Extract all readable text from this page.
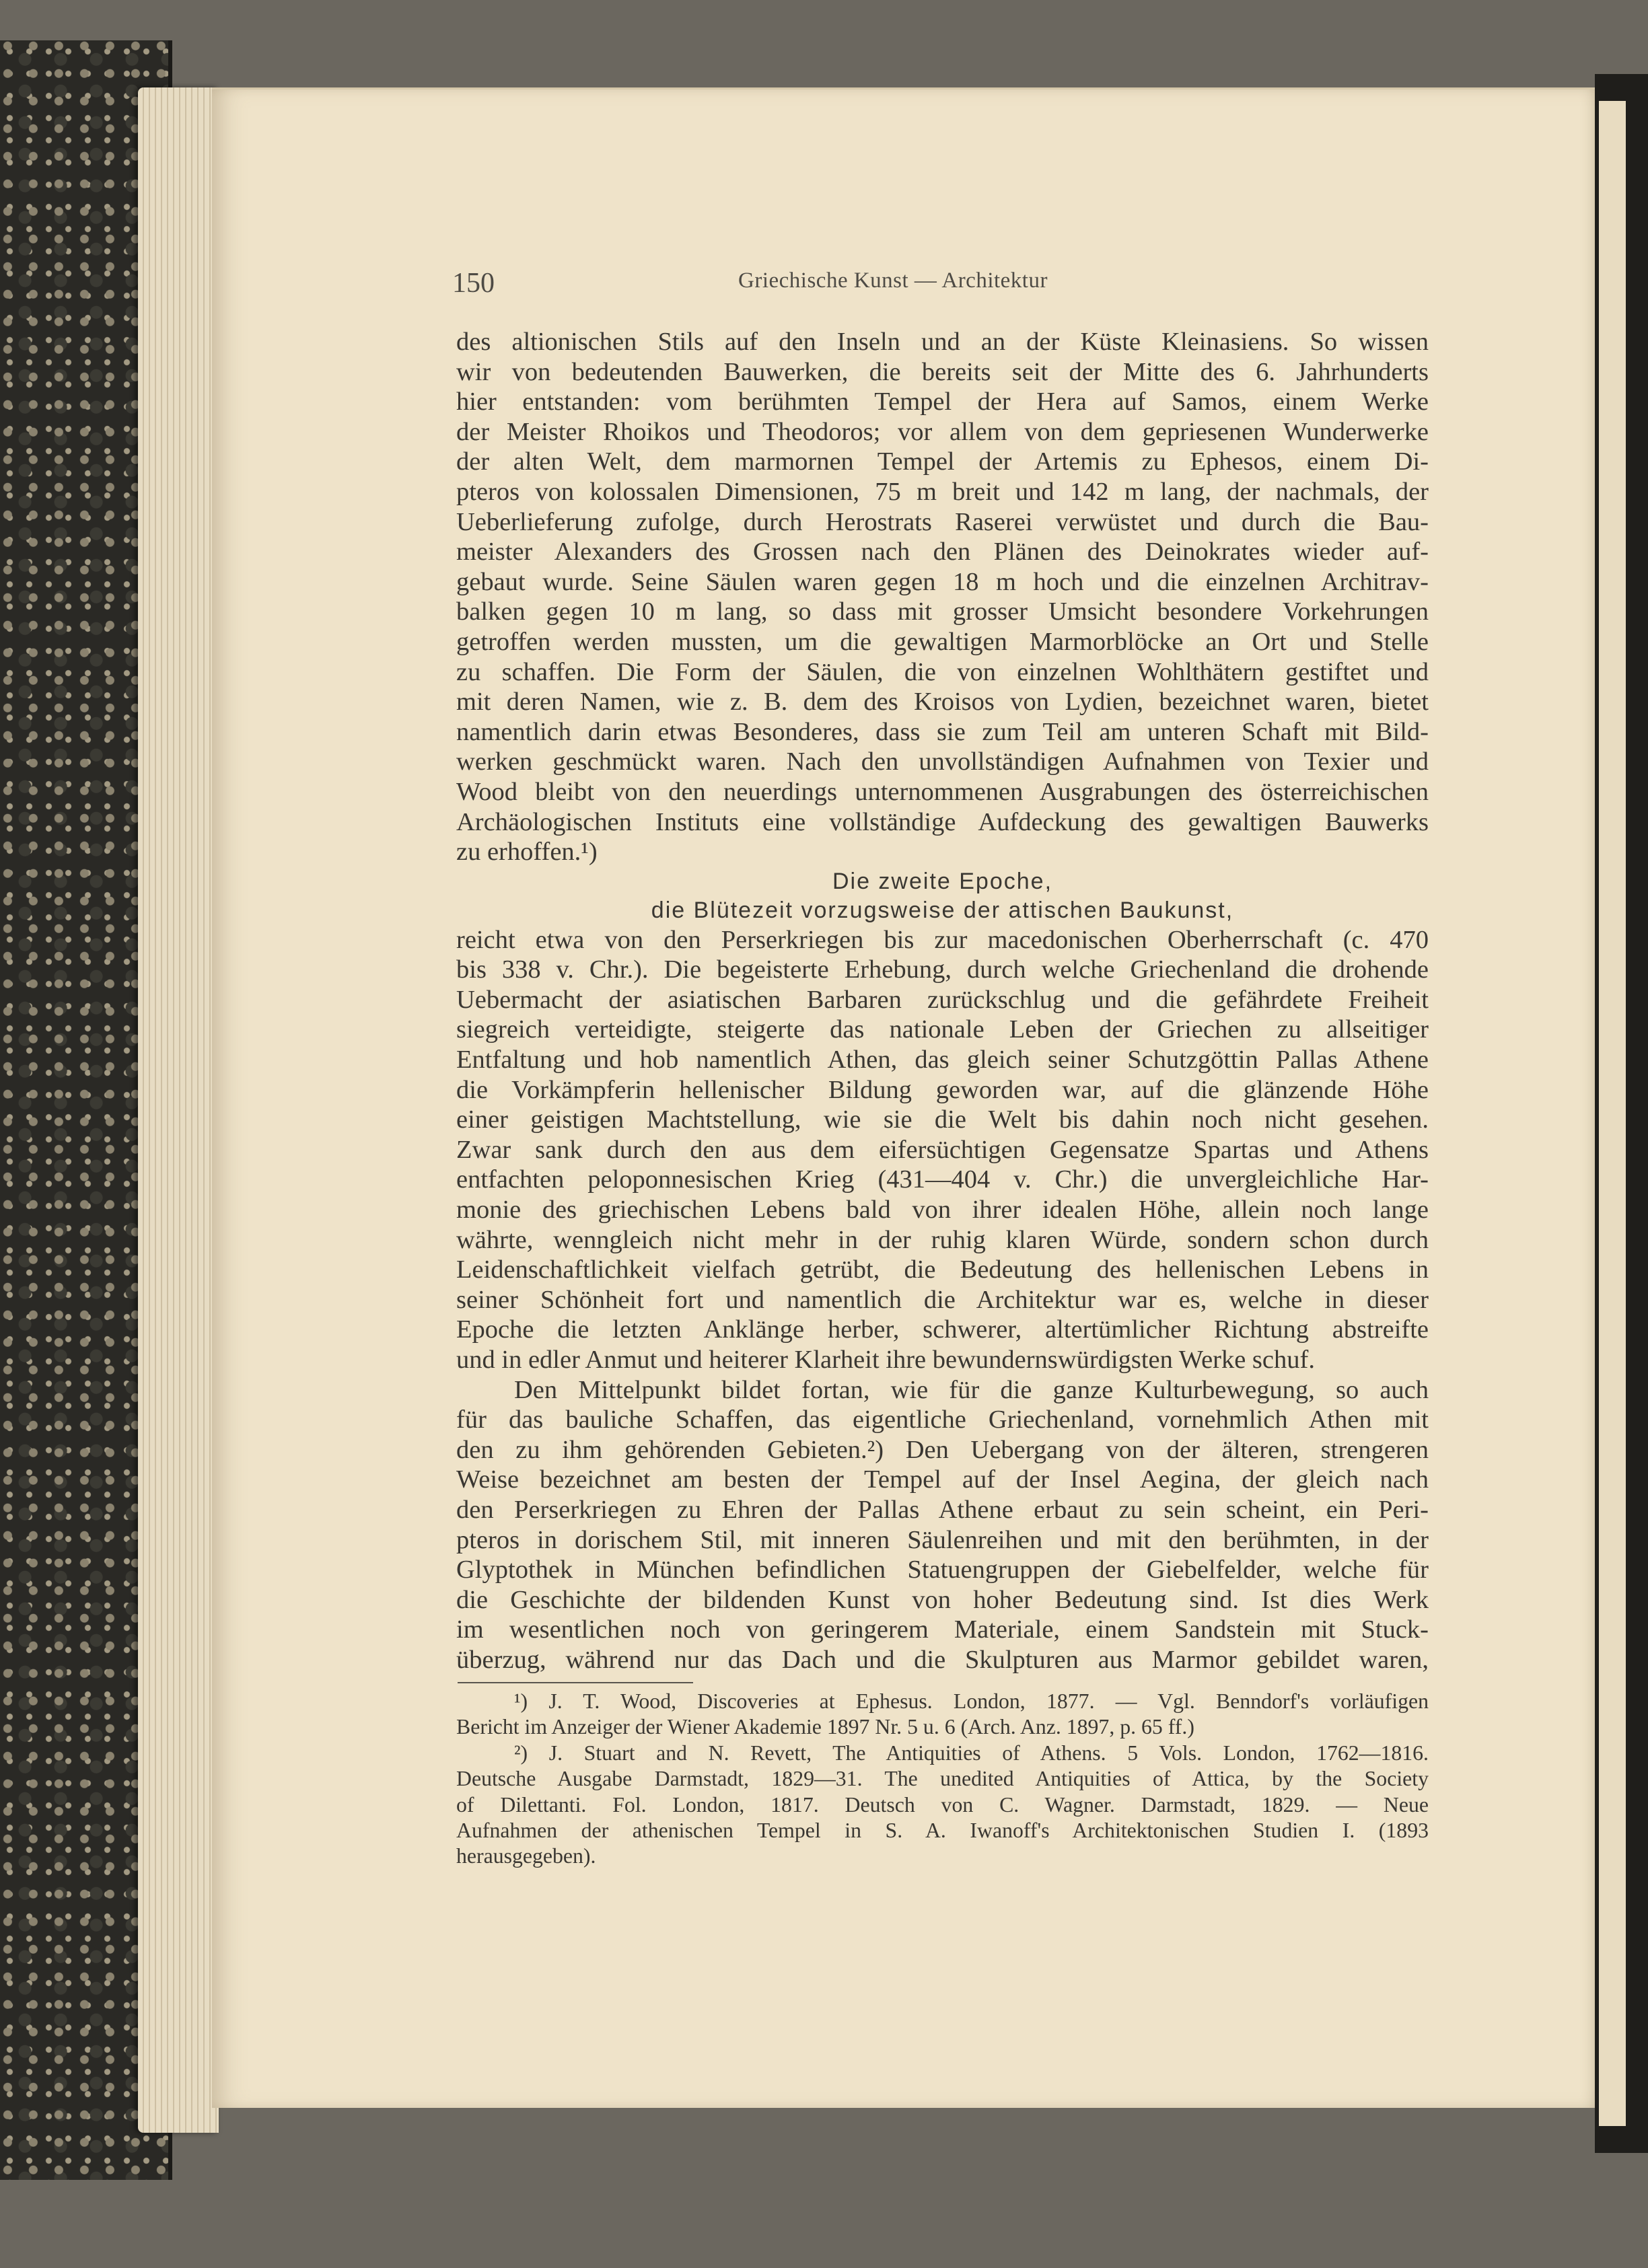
150	Griechische Kunst — Architektur
des altionischen Stils auf den Inseln und an der Küste Kleinasiens. So wissen
wir von bedeutenden Bauwerken, die bereits seit der Mitte des 6. Jahrhunderts
hier entstanden: vom berühmten Tempel der Hera auf Samos, einem Werke
der Meister Rhoikos und Theodoros; vor allem von dem gepriesenen Wunderwerke
der alten Welt, dem marmornen Tempel der Artemis zu Ephesos, einem Di-
pteros von kolossalen Dimensionen, 75 m breit und 142 m lang, der nachmals, der
Ueberlieferung zufolge, durch Herostrats Raserei verwüstet und durch die Bau-
meister Alexanders des Grossen nach den Plänen des Deinokrates wieder auf-
gebaut wurde. Seine Säulen waren gegen 18 m hoch und die einzelnen Architrav-
balken gegen 10 m lang, so dass mit grosser Umsicht besondere Vorkehrungen
getroffen werden mussten, um die gewaltigen Marmorblöcke an Ort und Stelle
zu schaffen. Die Form der Säulen, die von einzelnen Wohlthätern gestiftet und
mit deren Namen, wie z. B. dem des Kroisos von Lydien, bezeichnet waren, bietet
namentlich darin etwas Besonderes, dass sie zum Teil am unteren Schaft mit Bild-
werken geschmückt waren. Nach den unvollständigen Aufnahmen von Texier und
Wood bleibt von den neuerdings unternommenen Ausgrabungen des österreichischen
Archäologischen Instituts eine vollständige Aufdeckung des gewaltigen Bauwerks
zu erhoffen.¹)
Die zweite Epoche,
die Blütezeit vorzugsweise der attischen Baukunst,
reicht etwa von den Perserkriegen bis zur macedonischen Oberherrschaft (c. 470
bis 338 v. Chr.). Die begeisterte Erhebung, durch welche Griechenland die drohende
Uebermacht der asiatischen Barbaren zurückschlug und die gefährdete Freiheit
siegreich verteidigte, steigerte das nationale Leben der Griechen zu allseitiger
Entfaltung und hob namentlich Athen, das gleich seiner Schutzgöttin Pallas Athene
die Vorkämpferin hellenischer Bildung geworden war, auf die glänzende Höhe
einer geistigen Machtstellung, wie sie die Welt bis dahin noch nicht gesehen.
Zwar sank durch den aus dem eifersüchtigen Gegensatze Spartas und Athens
entfachten peloponnesischen Krieg (431—404 v. Chr.) die unvergleichliche Har-
monie des griechischen Lebens bald von ihrer idealen Höhe, allein noch lange
währte, wenngleich nicht mehr in der ruhig klaren Würde, sondern schon durch
Leidenschaftlichkeit vielfach getrübt, die Bedeutung des hellenischen Lebens in
seiner Schönheit fort und namentlich die Architektur war es, welche in dieser
Epoche die letzten Anklänge herber, schwerer, altertümlicher Richtung abstreifte
und in edler Anmut und heiterer Klarheit ihre bewundernswürdigsten Werke schuf.
Den Mittelpunkt bildet fortan, wie für die ganze Kulturbewegung, so auch
für das bauliche Schaffen, das eigentliche Griechenland, vornehmlich Athen mit
den zu ihm gehörenden Gebieten.²) Den Uebergang von der älteren, strengeren
Weise bezeichnet am besten der Tempel auf der Insel Aegina, der gleich nach
den Perserkriegen zu Ehren der Pallas Athene erbaut zu sein scheint, ein Peri-
pteros in dorischem Stil, mit inneren Säulenreihen und mit den berühmten, in der
Glyptothek in München befindlichen Statuengruppen der Giebelfelder, welche für
die Geschichte der bildenden Kunst von hoher Bedeutung sind. Ist dies Werk
im wesentlichen noch von geringerem Materiale, einem Sandstein mit Stuck-
überzug, während nur das Dach und die Skulpturen aus Marmor gebildet waren,
¹) J. T. Wood, Discoveries at Ephesus. London, 1877. — Vgl. Benndorf's vorläufigen
Bericht im Anzeiger der Wiener Akademie 1897 Nr. 5 u. 6 (Arch. Anz. 1897, p. 65 ff.)
²) J. Stuart and N. Revett, The Antiquities of Athens. 5 Vols. London, 1762—1816.
Deutsche Ausgabe Darmstadt, 1829—31. The unedited Antiquities of Attica, by the Society
of Dilettanti. Fol. London, 1817. Deutsch von C. Wagner. Darmstadt, 1829. — Neue
Aufnahmen der athenischen Tempel in S. A. Iwanoff's Architektonischen Studien I. (1893
herausgegeben).
